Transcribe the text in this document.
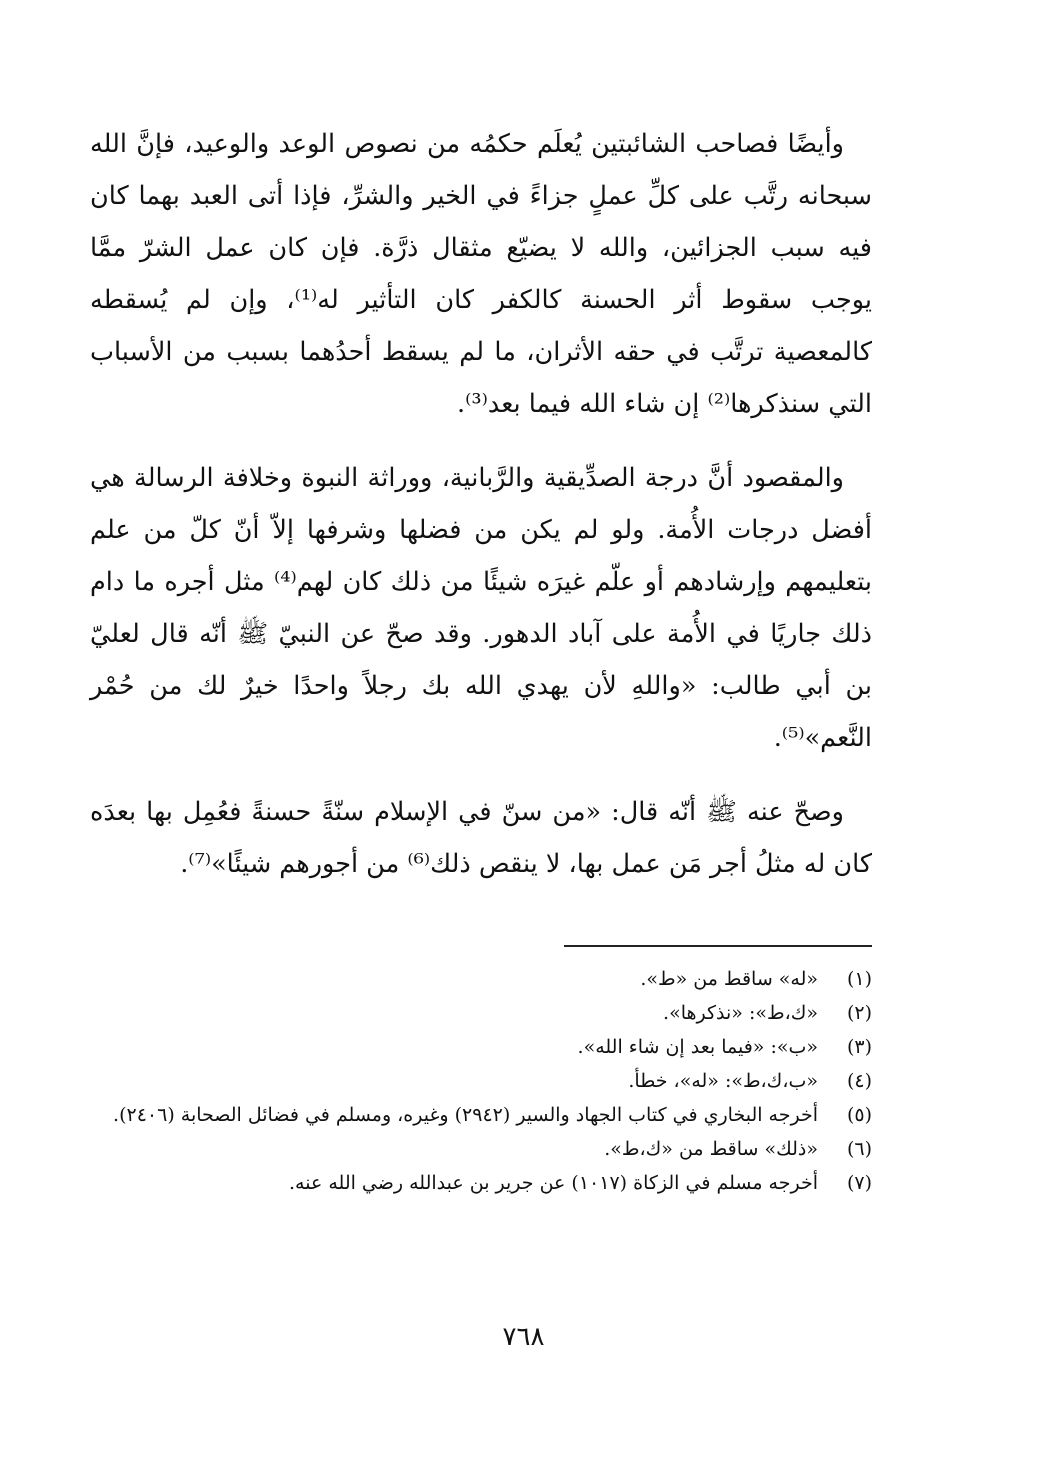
وأيضًا فصاحب الشائبتين يُعلَم حكمُه من نصوص الوعد والوعيد، فإنَّ الله سبحانه رتَّب على كلِّ عملٍ جزاءً في الخير والشرِّ، فإذا أتى العبد بهما كان فيه سبب الجزائين، والله لا يضيّع مثقال ذرَّة. فإن كان عمل الشرّ ممَّا يوجب سقوط أثر الحسنة كالكفر كان التأثير له⁽¹⁾، وإن لم يُسقطه كالمعصية ترتَّب في حقه الأثران، ما لم يسقط أحدُهما بسبب من الأسباب التي سنذكرها⁽²⁾ إن شاء الله فيما بعد⁽³⁾.

والمقصود أنَّ درجة الصدِّيقية والرَّبانية، ووراثة النبوة وخلافة الرسالة هي أفضل درجات الأُمة. ولو لم يكن من فضلها وشرفها إلاّ أنّ كلّ من علم بتعليمهم وإرشادهم أو علّم غيرَه شيئًا من ذلك كان لهم⁽⁴⁾ مثل أجره ما دام ذلك جاريًا في الأُمة على آباد الدهور. وقد صحّ عن النبيّ ﷺ أنّه قال لعليّ بن أبي طالب: «واللهِ لأن يهدي الله بك رجلاً واحدًا خيرٌ لك من حُمْر النَّعم»⁽⁵⁾.

وصحّ عنه ﷺ أنّه قال: «من سنّ في الإسلام سنّةً حسنةً فعُمِل بها بعدَه كان له مثلُ أجر مَن عمل بها، لا ينقص ذلك⁽⁶⁾ من أجورهم شيئًا»⁽⁷⁾.

(١)
«له» ساقط من «ط».
(٢)
«ك،ط»: «نذكرها».
(٣)
«ب»: «فيما بعد إن شاء الله».
(٤)
«ب،ك،ط»: «له»، خطأ.
(٥)
أخرجه البخاري في كتاب الجهاد والسير (٢٩٤٢) وغيره، ومسلم في فضائل الصحابة (٢٤٠٦).
(٦)
«ذلك» ساقط من «ك،ط».
(٧)
أخرجه مسلم في الزكاة (١٠١٧) عن جرير بن عبدالله رضي الله عنه.
٧٦٨
